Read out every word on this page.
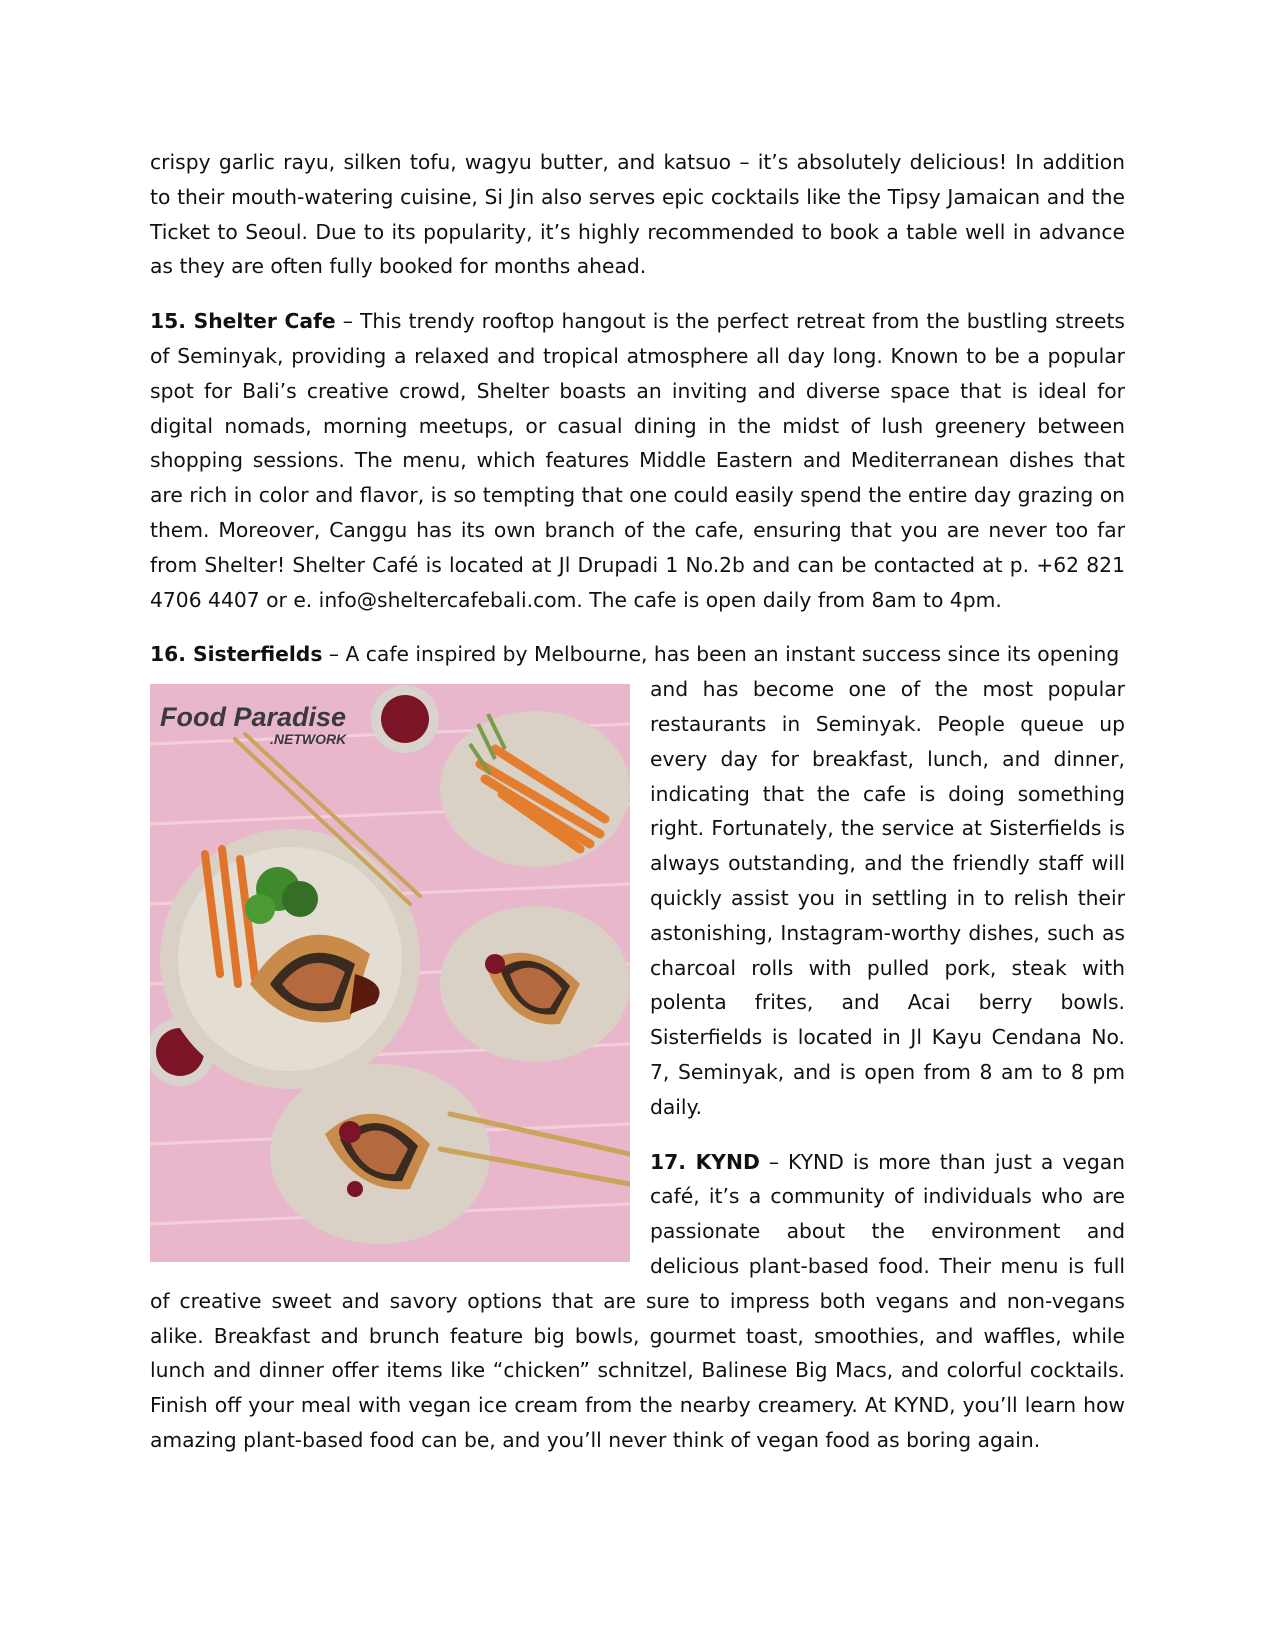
crispy garlic rayu, silken tofu, wagyu butter, and katsuo – it’s absolutely delicious! In addition to their mouth-watering cuisine, Si Jin also serves epic cocktails like the Tipsy Jamaican and the Ticket to Seoul. Due to its popularity, it’s highly recommended to book a table well in advance as they are often fully booked for months ahead.

15. Shelter Cafe – This trendy rooftop hangout is the perfect retreat from the bustling streets of Seminyak, providing a relaxed and tropical atmosphere all day long. Known to be a popular spot for Bali’s creative crowd, Shelter boasts an inviting and diverse space that is ideal for digital nomads, morning meetups, or casual dining in the midst of lush greenery between shopping sessions. The menu, which features Middle Eastern and Mediterranean dishes that are rich in color and flavor, is so tempting that one could easily spend the entire day grazing on them. Moreover, Canggu has its own branch of the cafe, ensuring that you are never too far from Shelter! Shelter Café is located at Jl Drupadi 1 No.2b and can be contacted at p. +62 821 4706 4407 or e. info@sheltercafebali.com. The cafe is open daily from 8am to 4pm.

16. Sisterfields – A cafe inspired by Melbourne, has been an instant success since its opening

Food Paradise
.NETWORK

and has become one of the most popular restaurants in Seminyak. People queue up every day for breakfast, lunch, and dinner, indicating that the cafe is doing something right. Fortunately, the service at Sisterfields is always outstanding, and the friendly staff will quickly assist you in settling in to relish their astonishing, Instagram-worthy dishes, such as charcoal rolls with pulled pork, steak with polenta frites, and Acai berry bowls. Sisterfields is located in Jl Kayu Cendana No. 7, Seminyak, and is open from 8 am to 8 pm daily.

17. KYND – KYND is more than just a vegan café, it’s a community of individuals who are passionate about the environment and delicious plant-based food. Their menu is full of creative sweet and savory options that are sure to impress both vegans and non-vegans alike. Breakfast and brunch feature big bowls, gourmet toast, smoothies, and waffles, while lunch and dinner offer items like “chicken” schnitzel, Balinese Big Macs, and colorful cocktails. Finish off your meal with vegan ice cream from the nearby creamery. At KYND, you’ll learn how amazing plant-based food can be, and you’ll never think of vegan food as boring again.
